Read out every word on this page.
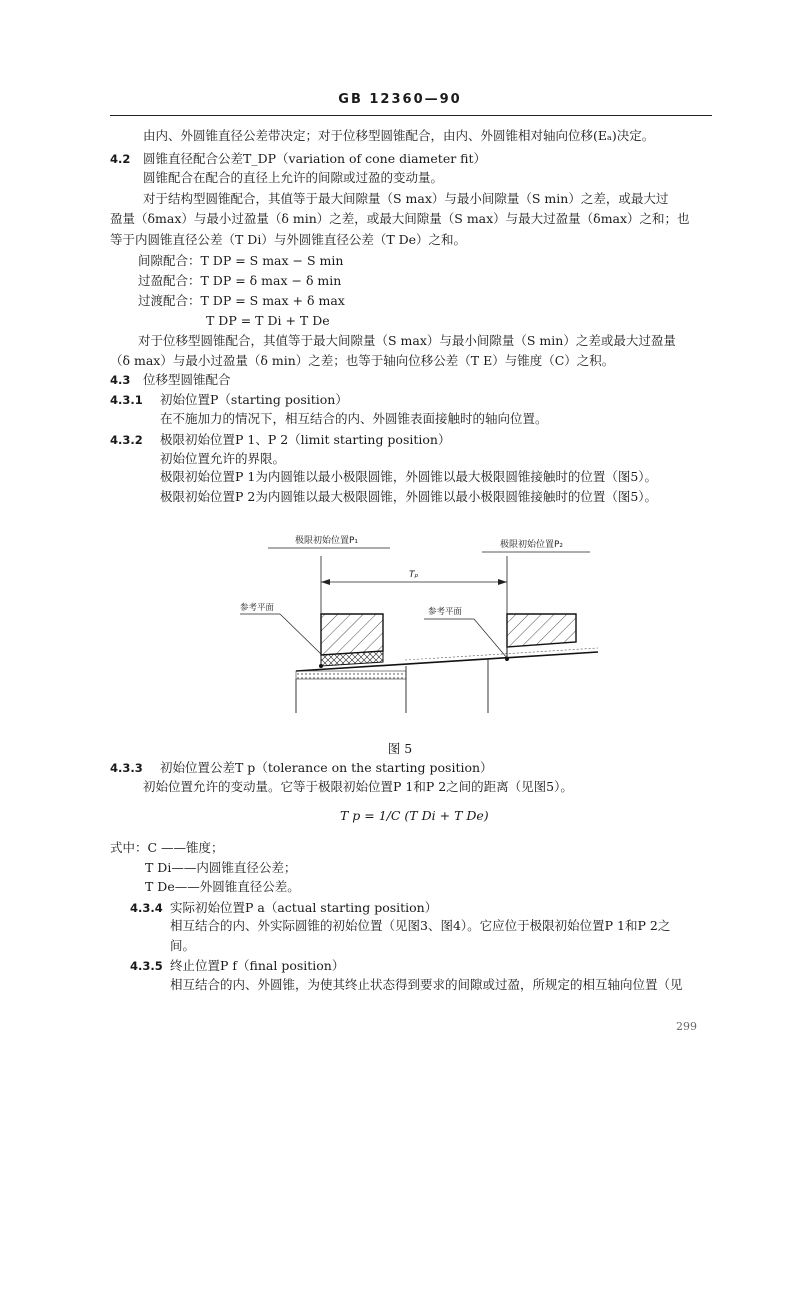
GB 12360—90
由内、外圆锥直径公差带决定；对于位移型圆锥配合，由内、外圆锥相对轴向位移(Eₐ)决定。
4.2 圆锥直径配合公差T_DP（variation of cone diameter fit）
圆锥配合在配合的直径上允许的间隙或过盈的变动量。
对于结构型圆锥配合，其值等于最大间隙量（S max）与最小间隙量（S min）之差，或最大过
盈量（δmax）与最小过盈量（δ min）之差，或最大间隙量（S max）与最大过盈量（δmax）之和；也
等于内圆锥直径公差（T Di）与外圆锥直径公差（T De）之和。
间隙配合：T DP = S max − S min
过盈配合：T DP = δ max − δ min
过渡配合：T DP = S max + δ max
T DP = T Di + T De
对于位移型圆锥配合，其值等于最大间隙量（S max）与最小间隙量（S min）之差或最大过盈量
（δ max）与最小过盈量（δ min）之差；也等于轴向位移公差（T E）与锥度（C）之积。
4.3 位移型圆锥配合
4.3.1 初始位置P（starting position）
在不施加力的情况下，相互结合的内、外圆锥表面接触时的轴向位置。
4.3.2 极限初始位置P 1、P 2（limit starting position）
初始位置允许的界限。
极限初始位置P 1为内圆锥以最小极限圆锥，外圆锥以最大极限圆锥接触时的位置（图5）。
极限初始位置P 2为内圆锥以最大极限圆锥，外圆锥以最小极限圆锥接触时的位置（图5）。
极限初始位置P₁	极限初始位置P₂
Tₚ
参考平面	参考平面
图 5
4.3.3 初始位置公差T p（tolerance on the starting position）
初始位置允许的变动量。它等于极限初始位置P 1和P 2之间的距离（见图5）。
T p = 1/C (T Di + T De)
式中：C ——锥度；
T Di——内圆锥直径公差；
T De——外圆锥直径公差。
4.3.4 实际初始位置P a（actual starting position）
相互结合的内、外实际圆锥的初始位置（见图3、图4）。它应位于极限初始位置P 1和P 2之
间。
4.3.5 终止位置P f（final position）
相互结合的内、外圆锥，为使其终止状态得到要求的间隙或过盈，所规定的相互轴向位置（见
299
